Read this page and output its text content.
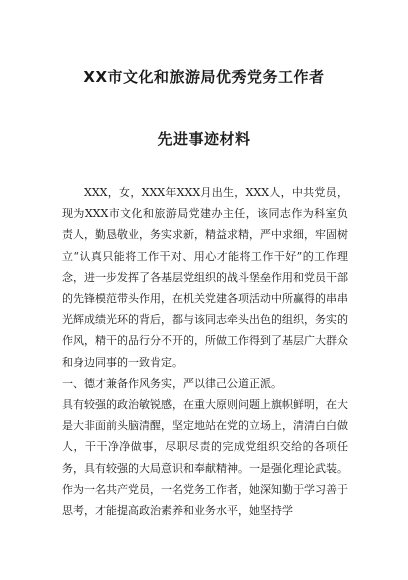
XX市文化和旅游局优秀党务工作者
先进事迹材料

XXX，女，XXX年XXX月出生，XXX人，中共党员，现为XXX市文化和旅游局党建办主任，该同志作为科室负责人，勤恳敬业，务实求新，精益求精，严中求细，牢固树立“认真只能将工作干对、用心才能将工作干好”的工作理念，进一步发挥了各基层党组织的战斗堡垒作用和党员干部的先锋模范带头作用，在机关党建各项活动中所赢得的串串光辉成绩光环的背后，都与该同志牵头出色的组织，务实的作风，精干的品行分不开的，所做工作得到了基层广大群众和身边同事的一致肯定。

一、德才兼备作风务实，严以律己公道正派。

具有较强的政治敏锐感，在重大原则问题上旗帜鲜明，在大是大非面前头脑清醒，坚定地站在党的立场上，清清白白做人，干干净净做事，尽职尽责的完成党组织交给的各项任务，具有较强的大局意识和奉献精神。一是强化理论武装。作为一名共产党员，一名党务工作者，她深知勤于学习善于思考，才能提高政治素养和业务水平，她坚持学
